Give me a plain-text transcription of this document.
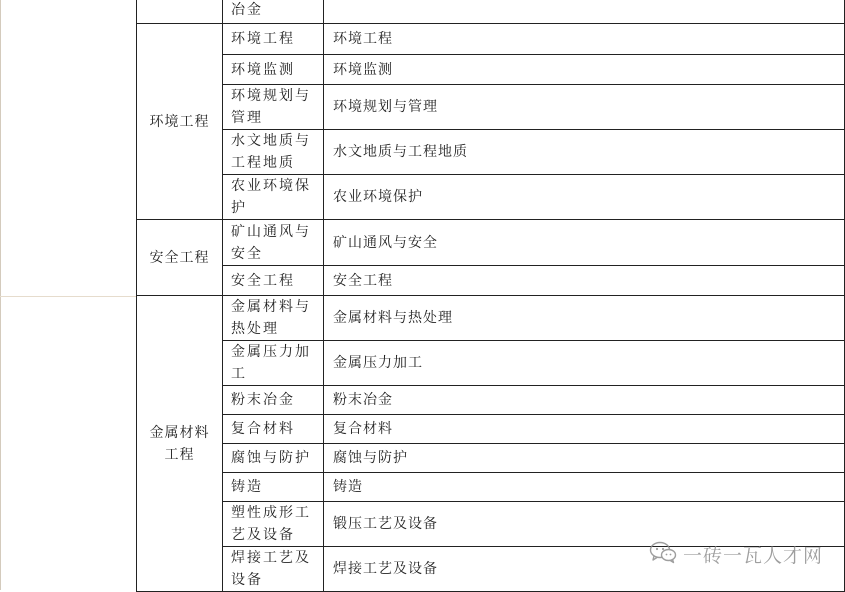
	冶金	
环境工程	环境工程	环境工程
	环境监测	环境监测
	环境规划与管理	环境规划与管理
	水文地质与工程地质	水文地质与工程地质
	农业环境保护	农业环境保护
安全工程	矿山通风与安全	矿山通风与安全
	安全工程	安全工程
金属材料工程	金属材料与热处理	金属材料与热处理
	金属压力加工	金属压力加工
	粉末冶金	粉末冶金
	复合材料	复合材料
	腐蚀与防护	腐蚀与防护
	铸造	铸造
	塑性成形工艺及设备	锻压工艺及设备
	焊接工艺及设备	焊接工艺及设备
一砖一瓦人才网
